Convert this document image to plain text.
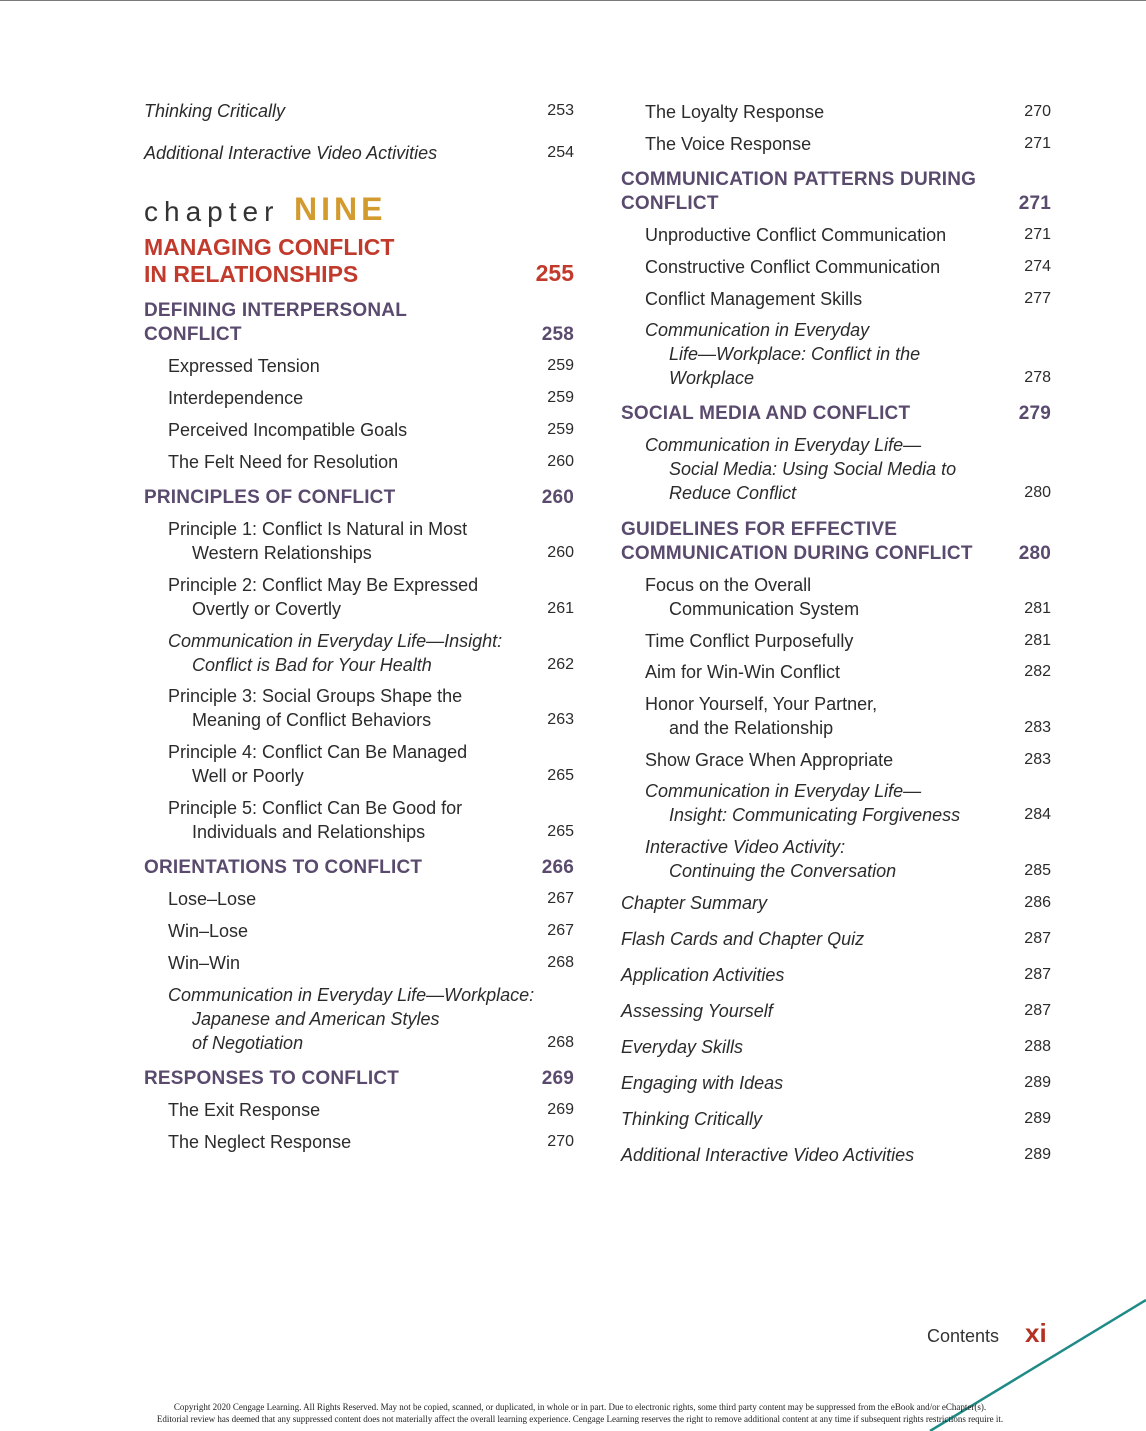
Thinking Critically	253
Additional Interactive Video Activities	254
chapter NINE
MANAGING CONFLICT
IN RELATIONSHIPS	255
DEFINING INTERPERSONAL
CONFLICT	258
Expressed Tension	259
Interdependence	259
Perceived Incompatible Goals	259
The Felt Need for Resolution	260
PRINCIPLES OF CONFLICT	260
Principle 1: Conflict Is Natural in Most
Western Relationships	260
Principle 2: Conflict May Be Expressed
Overtly or Covertly	261
Communication in Everyday Life—Insight:
Conflict is Bad for Your Health	262
Principle 3: Social Groups Shape the
Meaning of Conflict Behaviors	263
Principle 4: Conflict Can Be Managed
Well or Poorly	265
Principle 5: Conflict Can Be Good for
Individuals and Relationships	265
ORIENTATIONS TO CONFLICT	266
Lose–Lose	267
Win–Lose	267
Win–Win	268
Communication in Everyday Life—Workplace:
Japanese and American Styles
of Negotiation	268
RESPONSES TO CONFLICT	269
The Exit Response	269
The Neglect Response	270
The Loyalty Response	270
The Voice Response	271
COMMUNICATION PATTERNS DURING
CONFLICT	271
Unproductive Conflict Communication	271
Constructive Conflict Communication	274
Conflict Management Skills	277
Communication in Everyday
Life—Workplace: Conflict in the
Workplace	278
SOCIAL MEDIA AND CONFLICT	279
Communication in Everyday Life—
Social Media: Using Social Media to
Reduce Conflict	280
GUIDELINES FOR EFFECTIVE
COMMUNICATION DURING CONFLICT 280
Focus on the Overall
Communication System	281
Time Conflict Purposefully	281
Aim for Win-Win Conflict	282
Honor Yourself, Your Partner,
and the Relationship	283
Show Grace When Appropriate	283
Communication in Everyday Life—
Insight: Communicating Forgiveness	284
Interactive Video Activity:
Continuing the Conversation	285
Chapter Summary	286
Flash Cards and Chapter Quiz	287
Application Activities	287
Assessing Yourself	287
Everyday Skills	288
Engaging with Ideas	289
Thinking Critically	289
Additional Interactive Video Activities	289
Contents xi
Copyright 2020 Cengage Learning. All Rights Reserved. May not be copied, scanned, or duplicated, in whole or in part. Due to electronic rights, some third party content may be suppressed from the eBook and/or eChapter(s).
Editorial review has deemed that any suppressed content does not materially affect the overall learning experience. Cengage Learning reserves the right to remove additional content at any time if subsequent rights restrictions require it.
